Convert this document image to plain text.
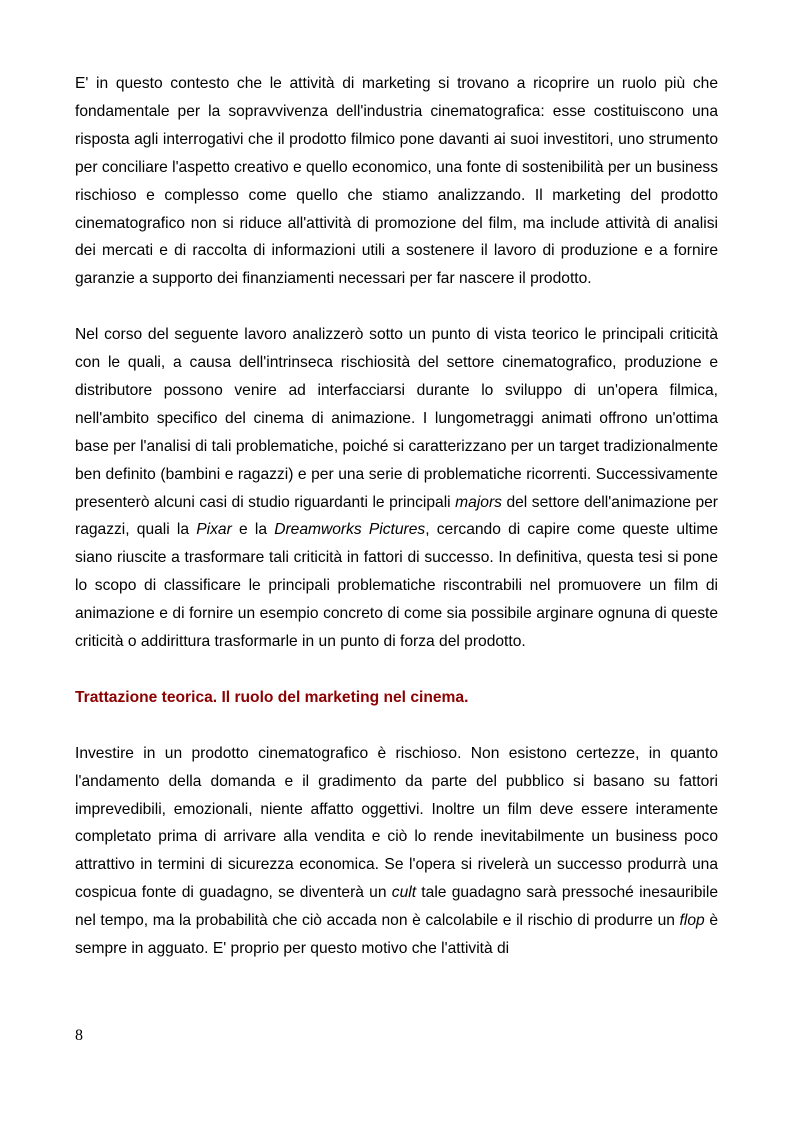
E' in questo contesto che le attività di marketing si trovano a ricoprire un ruolo più che fondamentale per la sopravvivenza dell'industria cinematografica: esse costituiscono una risposta agli interrogativi che il prodotto filmico pone davanti ai suoi investitori, uno strumento per conciliare l'aspetto creativo e quello economico, una fonte di sostenibilità per un business rischioso e complesso come quello che stiamo analizzando. Il marketing del prodotto cinematografico non si riduce all'attività di promozione del film, ma include attività di analisi dei mercati e di raccolta di informazioni utili a sostenere il lavoro di produzione e a fornire garanzie a supporto dei finanziamenti necessari per far nascere il prodotto.

Nel corso del seguente lavoro analizzerò sotto un punto di vista teorico le principali criticità con le quali, a causa dell'intrinseca rischiosità del settore cinematografico, produzione e distributore possono venire ad interfacciarsi durante lo sviluppo di un'opera filmica, nell'ambito specifico del cinema di animazione. I lungometraggi animati offrono un'ottima base per l'analisi di tali problematiche, poiché si caratterizzano per un target tradizionalmente ben definito (bambini e ragazzi) e per una serie di problematiche ricorrenti. Successivamente presenterò alcuni casi di studio riguardanti le principali majors del settore dell'animazione per ragazzi, quali la Pixar e la Dreamworks Pictures, cercando di capire come queste ultime siano riuscite a trasformare tali criticità in fattori di successo. In definitiva, questa tesi si pone lo scopo di classificare le principali problematiche riscontrabili nel promuovere un film di animazione e di fornire un esempio concreto di come sia possibile arginare ognuna di queste criticità o addirittura trasformarle in un punto di forza del prodotto.

Trattazione teorica. Il ruolo del marketing nel cinema.

Investire in un prodotto cinematografico è rischioso. Non esistono certezze, in quanto l'andamento della domanda e il gradimento da parte del pubblico si basano su fattori imprevedibili, emozionali, niente affatto oggettivi. Inoltre un film deve essere interamente completato prima di arrivare alla vendita e ciò lo rende inevitabilmente un business poco attrattivo in termini di sicurezza economica. Se l'opera si rivelerà un successo produrrà una cospicua fonte di guadagno, se diventerà un cult tale guadagno sarà pressoché inesauribile nel tempo, ma la probabilità che ciò accada non è calcolabile e il rischio di produrre un flop è sempre in agguato. E' proprio per questo motivo che l'attività di

8
